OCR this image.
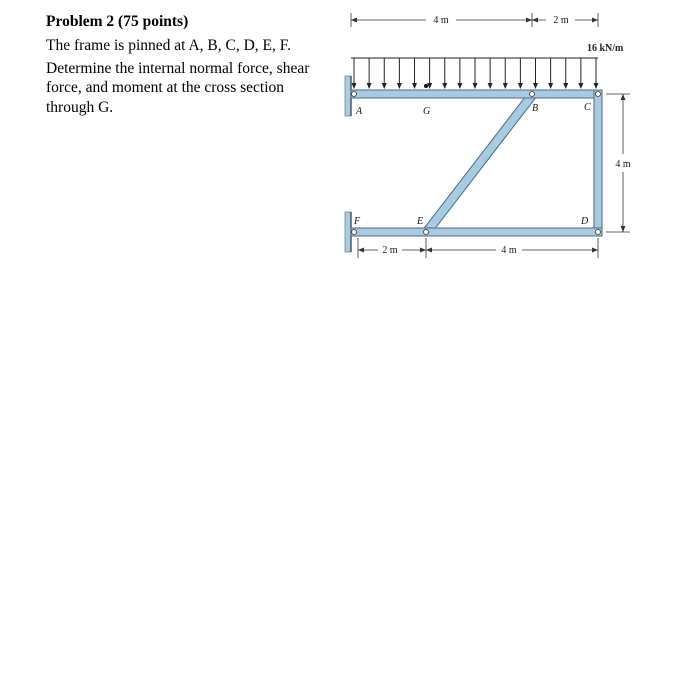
Problem 2 (75 points)
The frame is pinned at A, B, C, D, E, F.
Determine the internal normal force, shear force, and moment at the cross section through G.
16 kN/m
4 m	2 m
4 m
2 m	4 m
A	G	B	C
F	E	D
